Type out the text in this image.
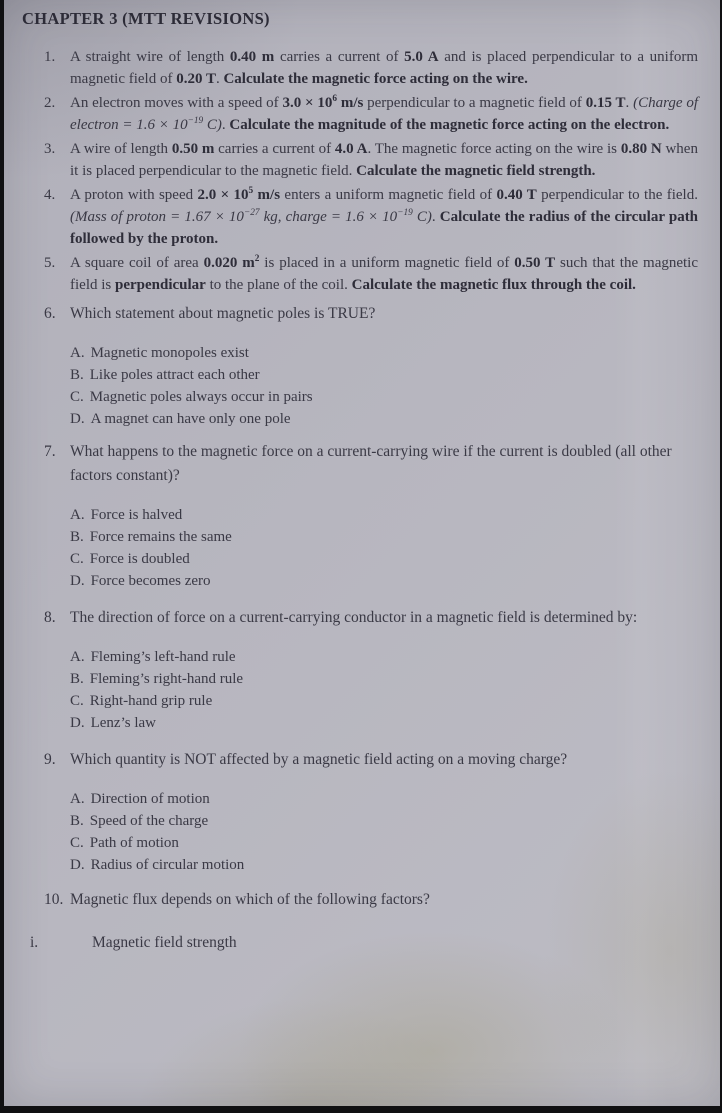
CHAPTER 3 (MTT REVISIONS)
1. A straight wire of length 0.40 m carries a current of 5.0 A and is placed perpendicular to a uniform magnetic field of 0.20 T. Calculate the magnetic force acting on the wire.
2. An electron moves with a speed of $3.0 \times 10^6$ m/s perpendicular to a magnetic field of 0.15 T. (Charge of electron = $1.6 \times 10^{-19}$ C). Calculate the magnitude of the magnetic force acting on the electron.
3. A wire of length 0.50 m carries a current of 4.0 A. The magnetic force acting on the wire is 0.80 N when it is placed perpendicular to the magnetic field. Calculate the magnetic field strength.
4. A proton with speed $2.0 \times 10^5$ m/s enters a uniform magnetic field of 0.40 T perpendicular to the field. (Mass of proton = $1.67 \times 10^{-27}$ kg, charge = $1.6 \times 10^{-19}$ C). Calculate the radius of the circular path followed by the proton.
5. A square coil of area 0.020 $m^2$ is placed in a uniform magnetic field of 0.50 T such that the magnetic field is perpendicular to the plane of the coil. Calculate the magnetic flux through the coil.
6. Which statement about magnetic poles is TRUE?
A. Magnetic monopoles exist
B. Like poles attract each other
C. Magnetic poles always occur in pairs
D. A magnet can have only one pole
7. What happens to the magnetic force on a current-carrying wire if the current is doubled (all other factors constant)?
A. Force is halved
B. Force remains the same
C. Force is doubled
D. Force becomes zero
8. The direction of force on a current-carrying conductor in a magnetic field is determined by:
A. Fleming’s left-hand rule
B. Fleming’s right-hand rule
C. Right-hand grip rule
D. Lenz’s law
9. Which quantity is NOT affected by a magnetic field acting on a moving charge?
A. Direction of motion
B. Speed of the charge
C. Path of motion
D. Radius of circular motion
10. Magnetic flux depends on which of the following factors?
i.	Magnetic field strength
